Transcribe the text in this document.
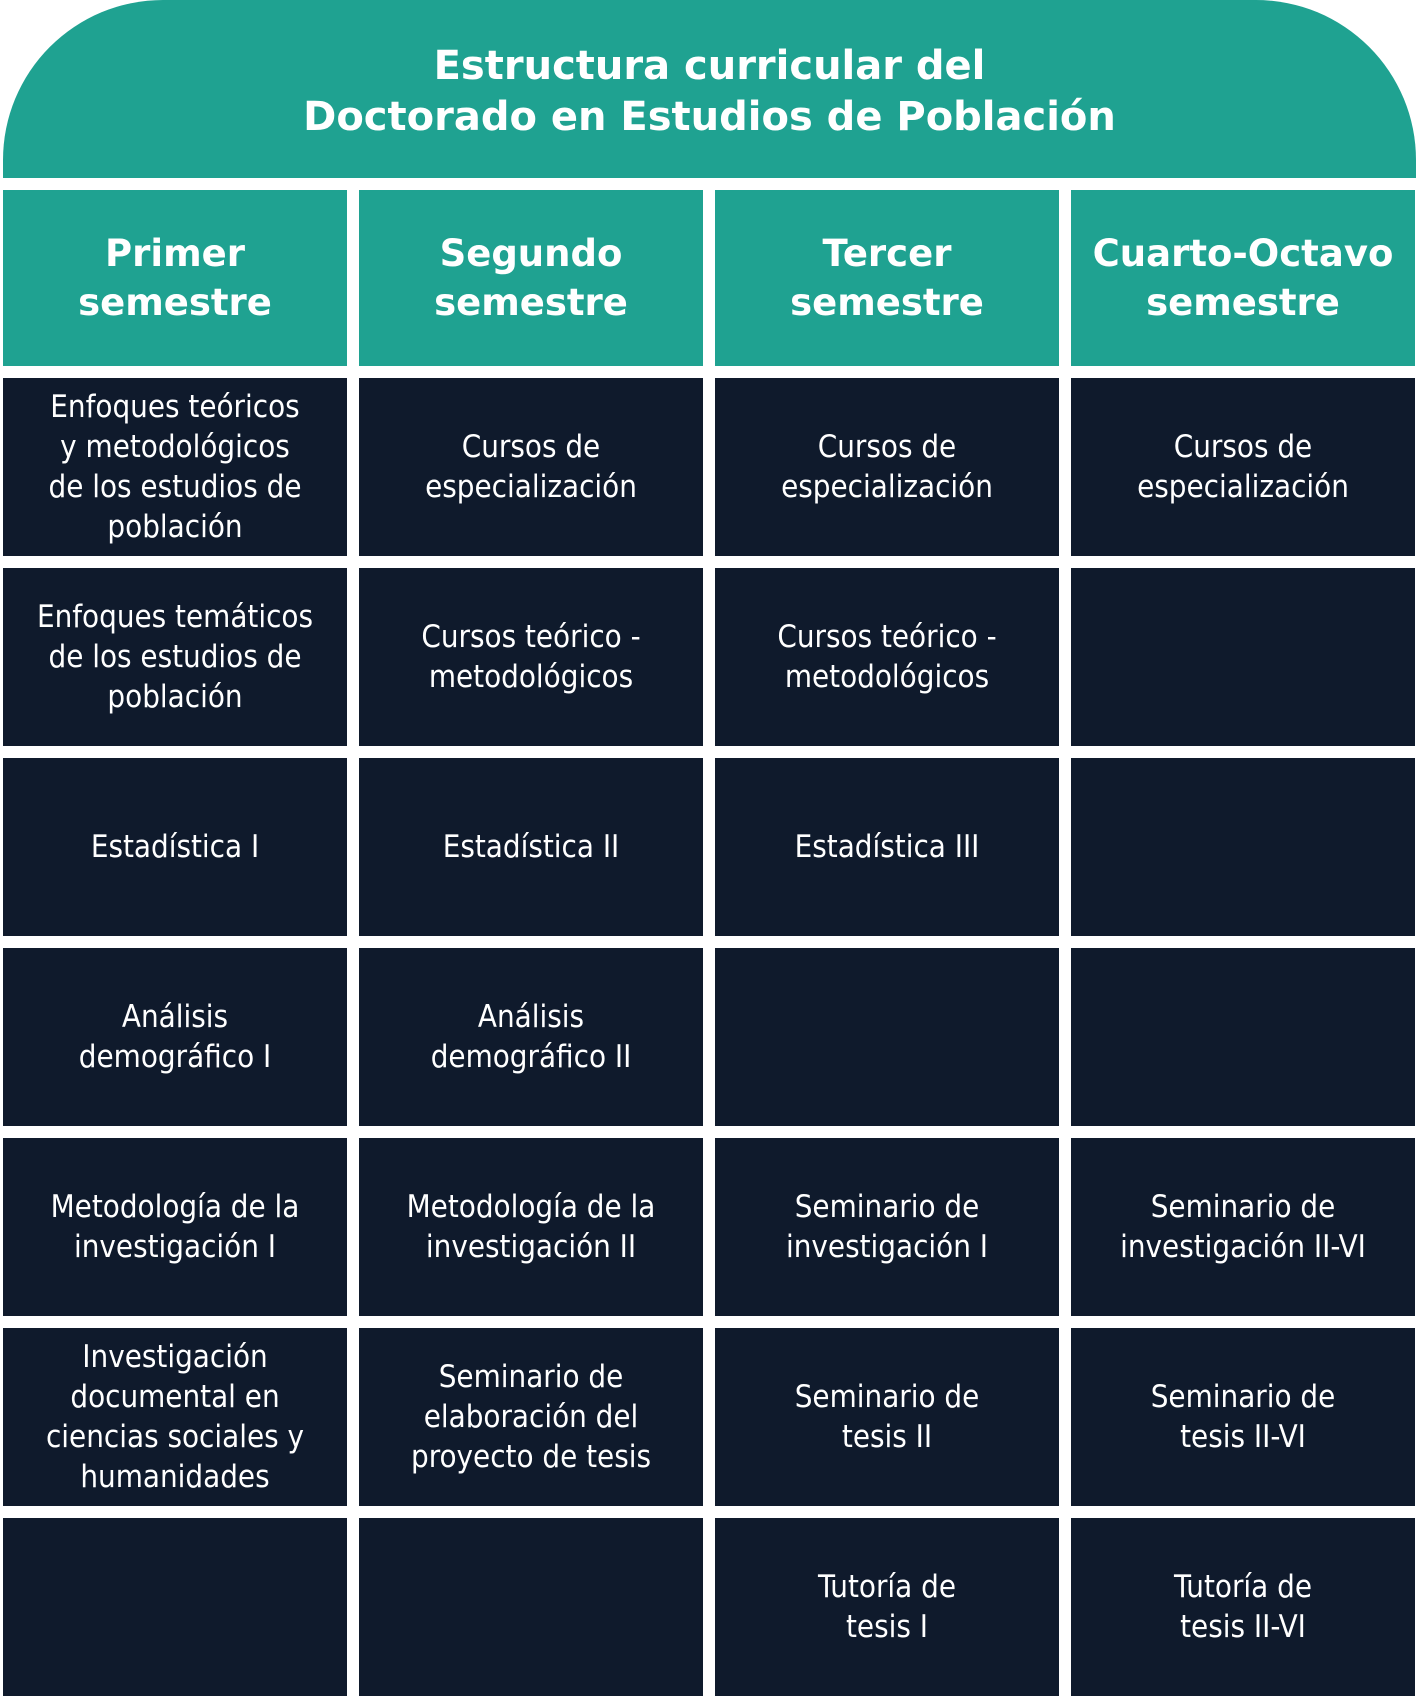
Estructura curricular del
Doctorado en Estudios de Población
Primer
semestre
Segundo
semestre
Tercer
semestre
Cuarto-Octavo
semestre
Enfoques teóricos
y metodológicos
de los estudios de
población
Cursos de
especialización
Cursos de
especialización
Cursos de
especialización
Enfoques temáticos
de los estudios de
población
Cursos teórico -
metodológicos
Cursos teórico -
metodológicos
Estadística I	Estadística II	Estadística III
Análisis
demográfico I
Análisis
demográfico II
Metodología de la
investigación I
Metodología de la
investigación II
Seminario de
investigación I
Seminario de
investigación II-VI
Investigación
documental en
ciencias sociales y
humanidades
Seminario de
elaboración del
proyecto de tesis
Seminario de
tesis II
Seminario de
tesis II-VI
Tutoría de
tesis I
Tutoría de
tesis II-VI
